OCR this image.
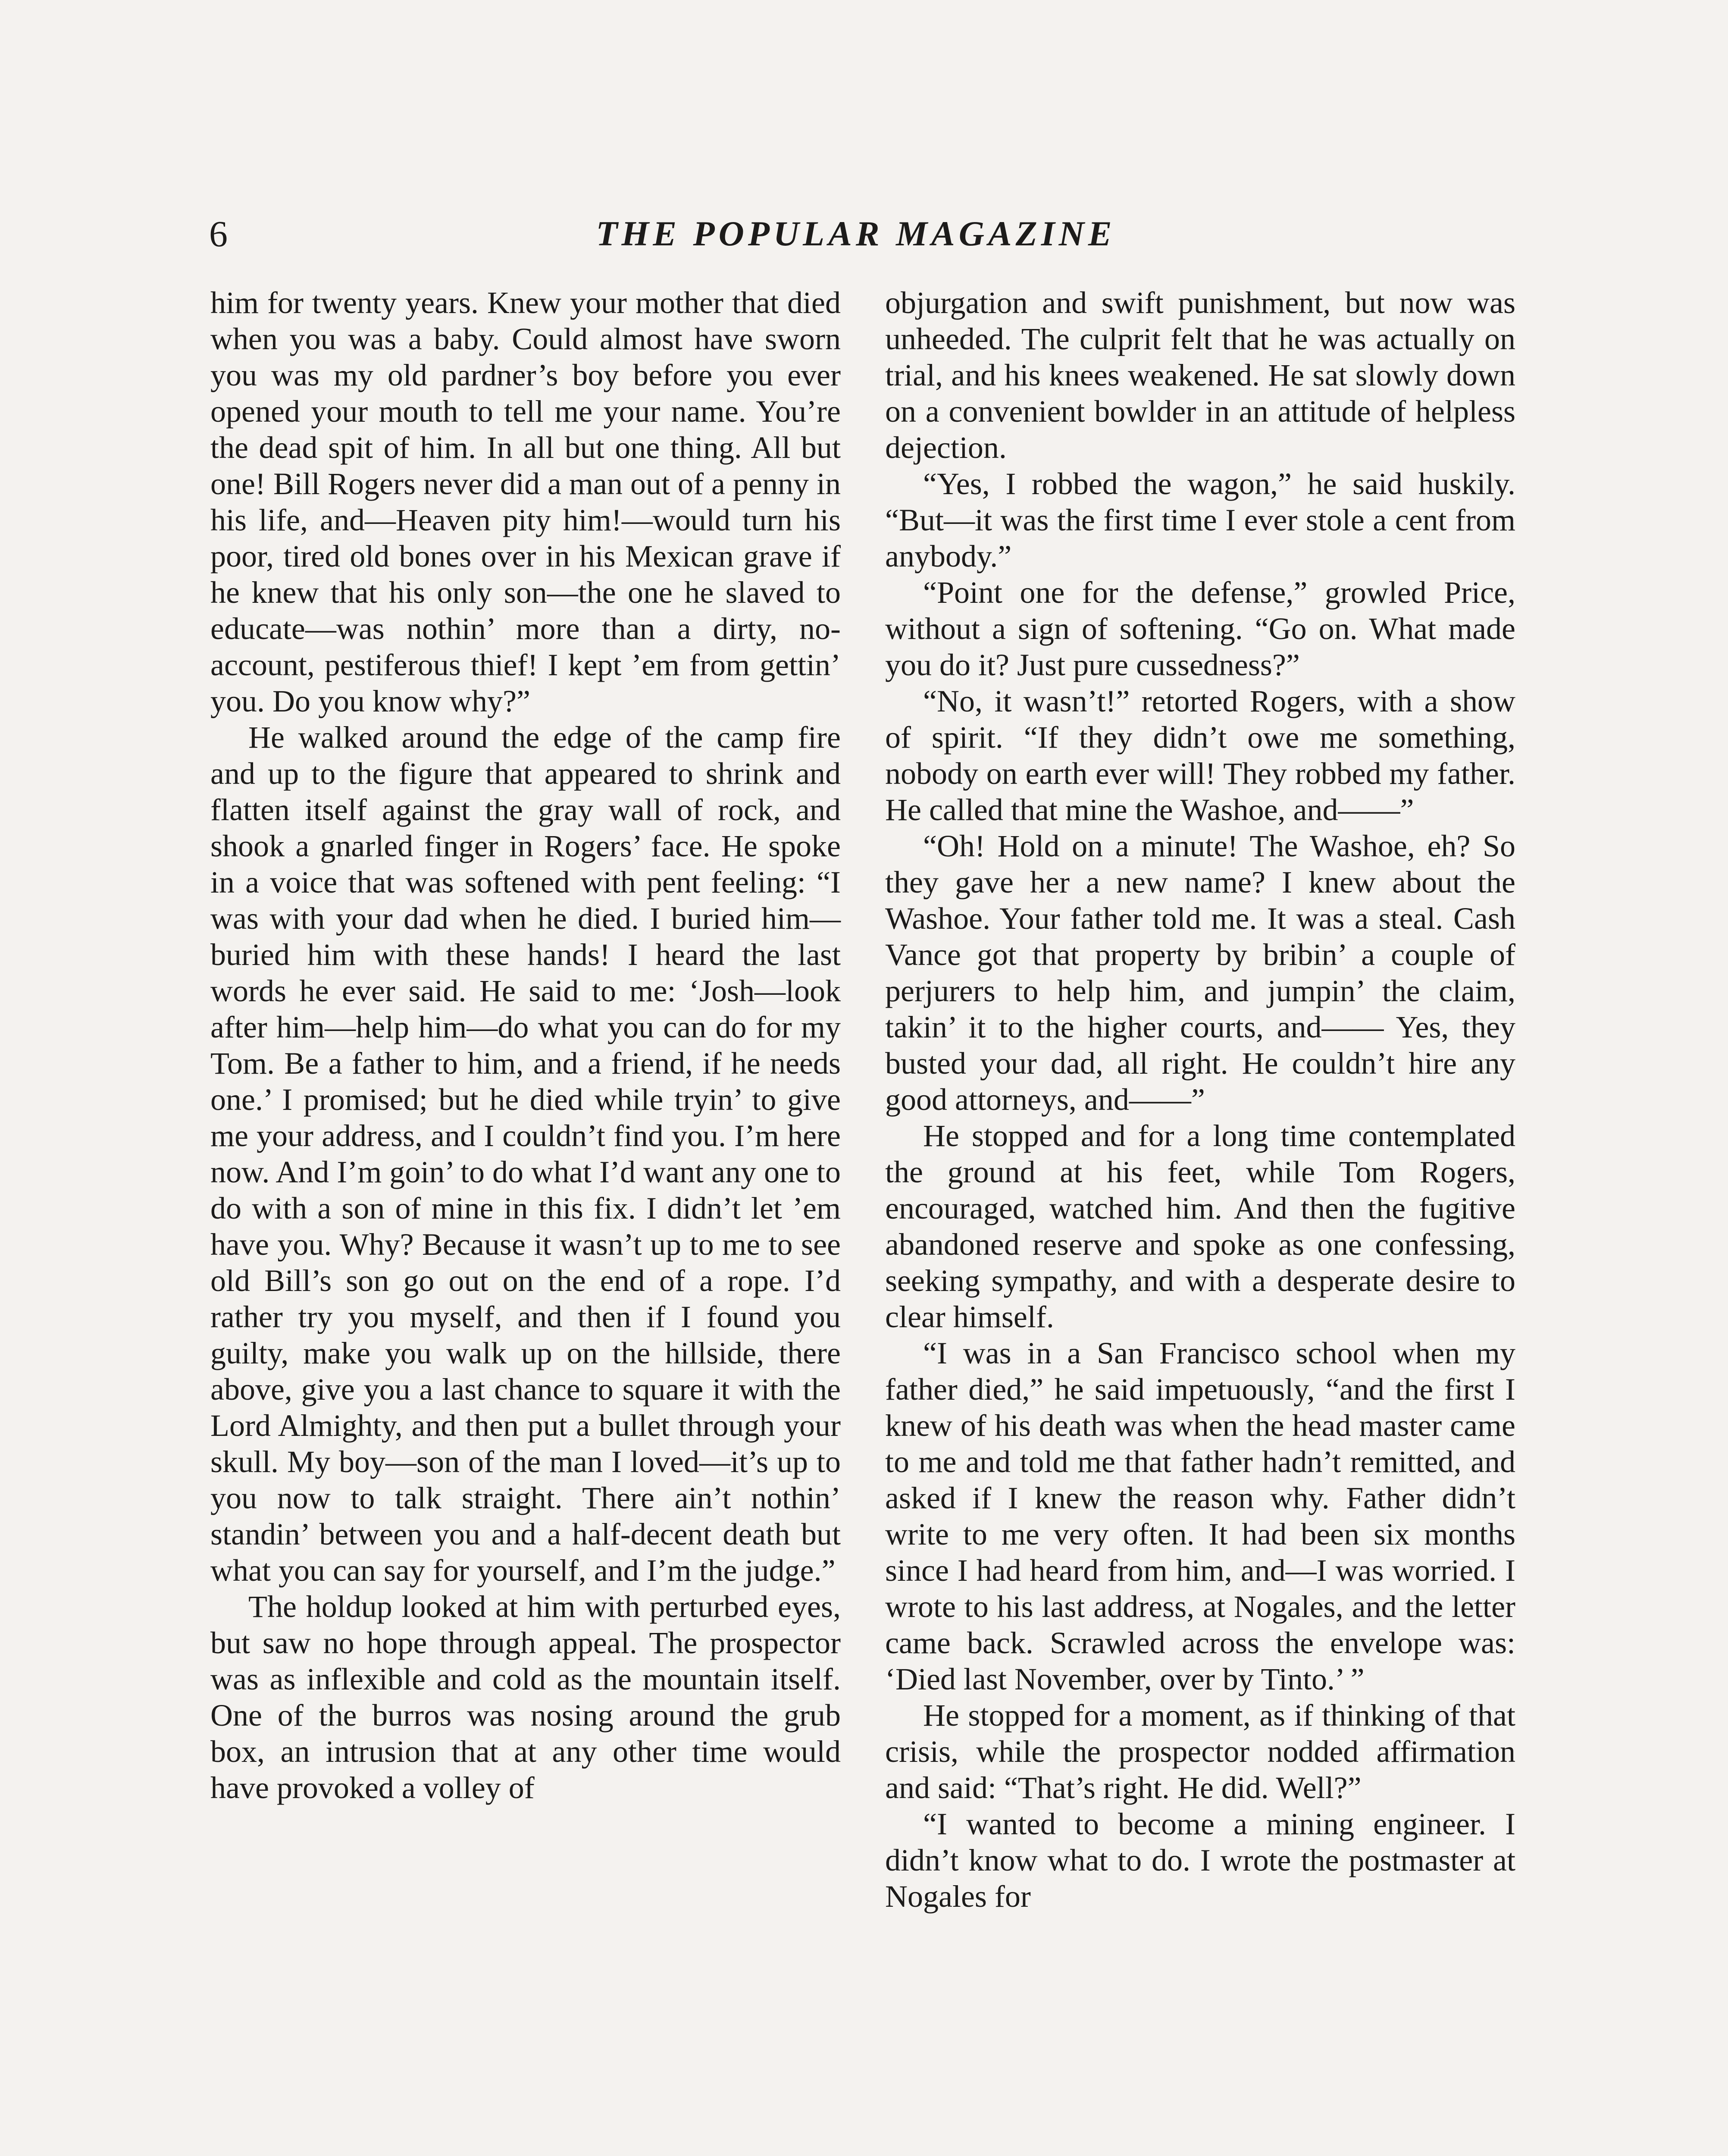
6	THE POPULAR MAGAZINE

him for twenty years. Knew your mother that died when you was a baby. Could almost have sworn you was my old pardner’s boy before you ever opened your mouth to tell me your name. You’re the dead spit of him. In all but one thing. All but one! Bill Rogers never did a man out of a penny in his life, and—Heaven pity him!—would turn his poor, tired old bones over in his Mexican grave if he knew that his only son—the one he slaved to educate—was nothin’ more than a dirty, no-account, pestiferous thief! I kept ’em from gettin’ you. Do you know why?”

He walked around the edge of the camp fire and up to the figure that appeared to shrink and flatten itself against the gray wall of rock, and shook a gnarled finger in Rogers’ face. He spoke in a voice that was softened with pent feeling: “I was with your dad when he died. I buried him—buried him with these hands! I heard the last words he ever said. He said to me: ‘Josh—look after him—help him—do what you can do for my Tom. Be a father to him, and a friend, if he needs one.’ I promised; but he died while tryin’ to give me your address, and I couldn’t find you. I’m here now. And I’m goin’ to do what I’d want any one to do with a son of mine in this fix. I didn’t let ’em have you. Why? Because it wasn’t up to me to see old Bill’s son go out on the end of a rope. I’d rather try you myself, and then if I found you guilty, make you walk up on the hillside, there above, give you a last chance to square it with the Lord Almighty, and then put a bullet through your skull. My boy—son of the man I loved—it’s up to you now to talk straight. There ain’t nothin’ standin’ between you and a half-decent death but what you can say for yourself, and I’m the judge.”

The holdup looked at him with perturbed eyes, but saw no hope through appeal. The prospector was as inflexible and cold as the mountain itself. One of the burros was nosing around the grub box, an intrusion that at any other time would have provoked a volley of

objurgation and swift punishment, but now was unheeded. The culprit felt that he was actually on trial, and his knees weakened. He sat slowly down on a convenient bowlder in an attitude of helpless dejection.

“Yes, I robbed the wagon,” he said huskily. “But—it was the first time I ever stole a cent from anybody.”

“Point one for the defense,” growled Price, without a sign of softening. “Go on. What made you do it? Just pure cussedness?”

“No, it wasn’t!” retorted Rogers, with a show of spirit. “If they didn’t owe me something, nobody on earth ever will! They robbed my father. He called that mine the Washoe, and——”

“Oh! Hold on a minute! The Washoe, eh? So they gave her a new name? I knew about the Washoe. Your father told me. It was a steal. Cash Vance got that property by bribin’ a couple of perjurers to help him, and jumpin’ the claim, takin’ it to the higher courts, and—— Yes, they busted your dad, all right. He couldn’t hire any good attorneys, and——”

He stopped and for a long time contemplated the ground at his feet, while Tom Rogers, encouraged, watched him. And then the fugitive abandoned reserve and spoke as one confessing, seeking sympathy, and with a desperate desire to clear himself.

“I was in a San Francisco school when my father died,” he said impetuously, “and the first I knew of his death was when the head master came to me and told me that father hadn’t remitted, and asked if I knew the reason why. Father didn’t write to me very often. It had been six months since I had heard from him, and—I was worried. I wrote to his last address, at Nogales, and the letter came back. Scrawled across the envelope was: ‘Died last November, over by Tinto.’ ”

He stopped for a moment, as if thinking of that crisis, while the prospector nodded affirmation and said: “That’s right. He did. Well?”

“I wanted to become a mining engineer. I didn’t know what to do. I wrote the postmaster at Nogales for
